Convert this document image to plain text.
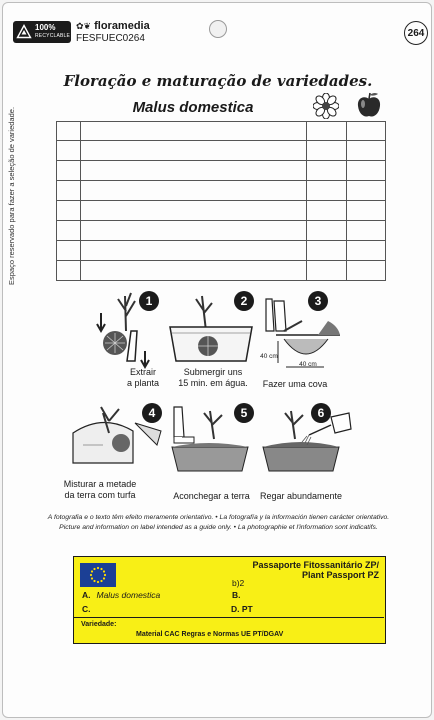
100%
RECYCLABLE
✿❦ floramedia
FESFUEC0264	264
Floração e maturação de variedades.
Malus domestica
Espaço reservado para fazer a seleção de variedade.
1
Extrair
a planta
2
Submergir uns
15 min. em água.
3
40 cm
40 cm
Fazer uma cova
4
Misturar a metade
da terra com turfa
5
Aconchegar a terra
6
Regar abundamente
A fotografia e o texto têm efeito meramente orientativo. • La fotografía y la información tienen carácter orientativo.
Picture and information on label intended as a guide only. • La photographie et l'information sont indicatifs.
Passaporte Fitossanitário ZP/
Plant Passport PZ
b)2
A. Malus domestica	B.
C.	D. PT
Variedade:
Material CAC Regras e Normas UE PT/DGAV
